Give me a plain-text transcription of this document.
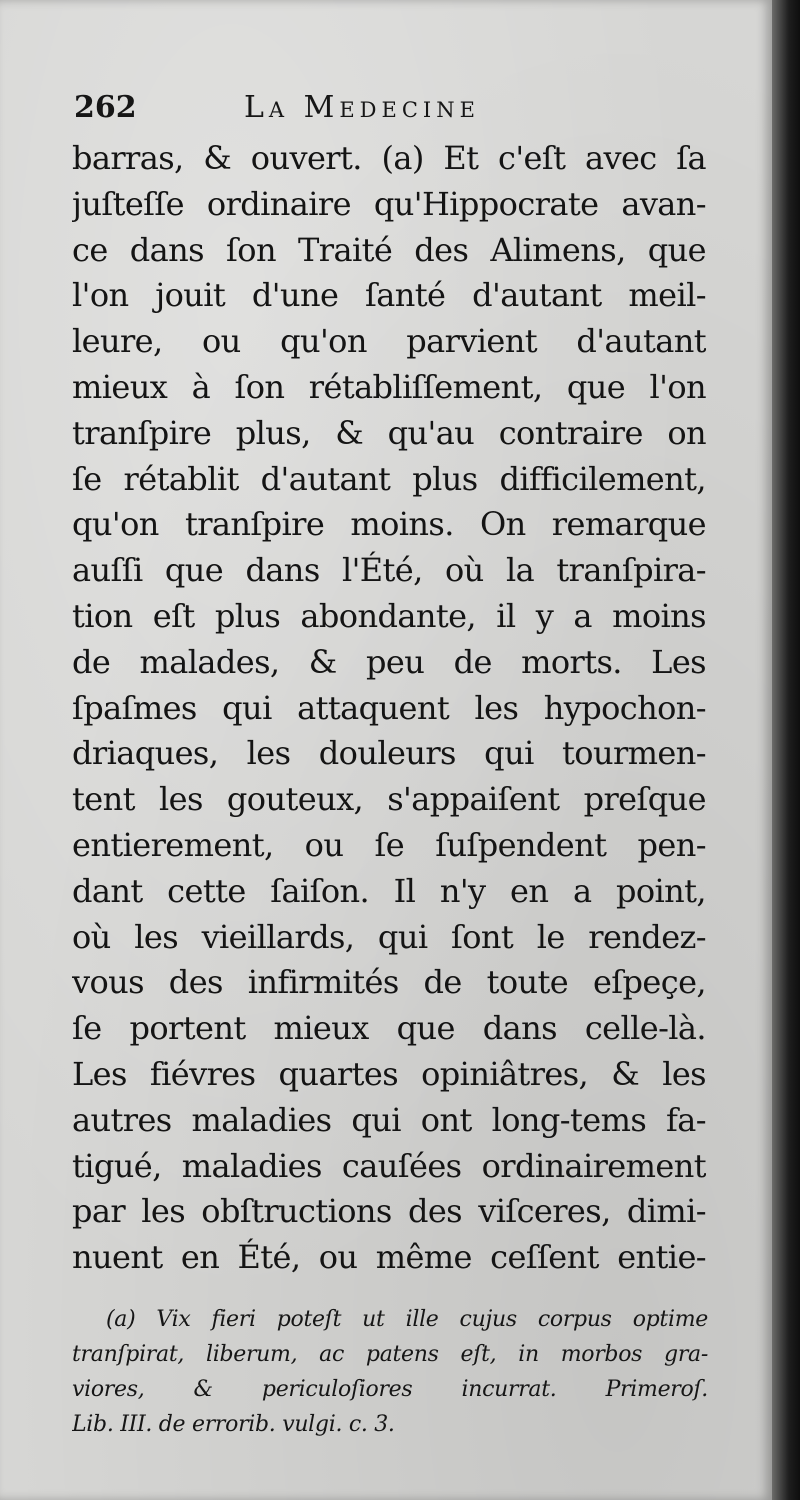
262	La Medecine
barras, & ouvert. (a) Et c'eſt avec ſa
juſteſſe ordinaire qu'Hippocrate avan-
ce dans ſon Traité des Alimens, que
l'on jouit d'une ſanté d'autant meil-
leure, ou qu'on parvient d'autant
mieux à ſon rétabliſſement, que l'on
tranſpire plus, & qu'au contraire on
ſe rétablit d'autant plus difficilement,
qu'on tranſpire moins. On remarque
auſſi que dans l'Été, où la tranſpira-
tion eſt plus abondante, il y a moins
de malades, & peu de morts. Les
ſpaſmes qui attaquent les hypochon-
driaques, les douleurs qui tourmen-
tent les gouteux, s'appaiſent preſque
entierement, ou ſe ſuſpendent pen-
dant cette ſaiſon. Il n'y en a point,
où les vieillards, qui ſont le rendez-
vous des infirmités de toute eſpeçe,
ſe portent mieux que dans celle-là.
Les fiévres quartes opiniâtres, & les
autres maladies qui ont long-tems fa-
tigué, maladies cauſées ordinairement
par les obſtructions des viſceres, dimi-
nuent en Été, ou même ceſſent entie-
(a) Vix fieri poteſt ut ille cujus corpus optime
tranſpirat, liberum, ac patens eſt, in morbos gra-
viores, & periculoſiores incurrat. Primeroſ.
Lib. III. de errorib. vulgi. c. 3.
